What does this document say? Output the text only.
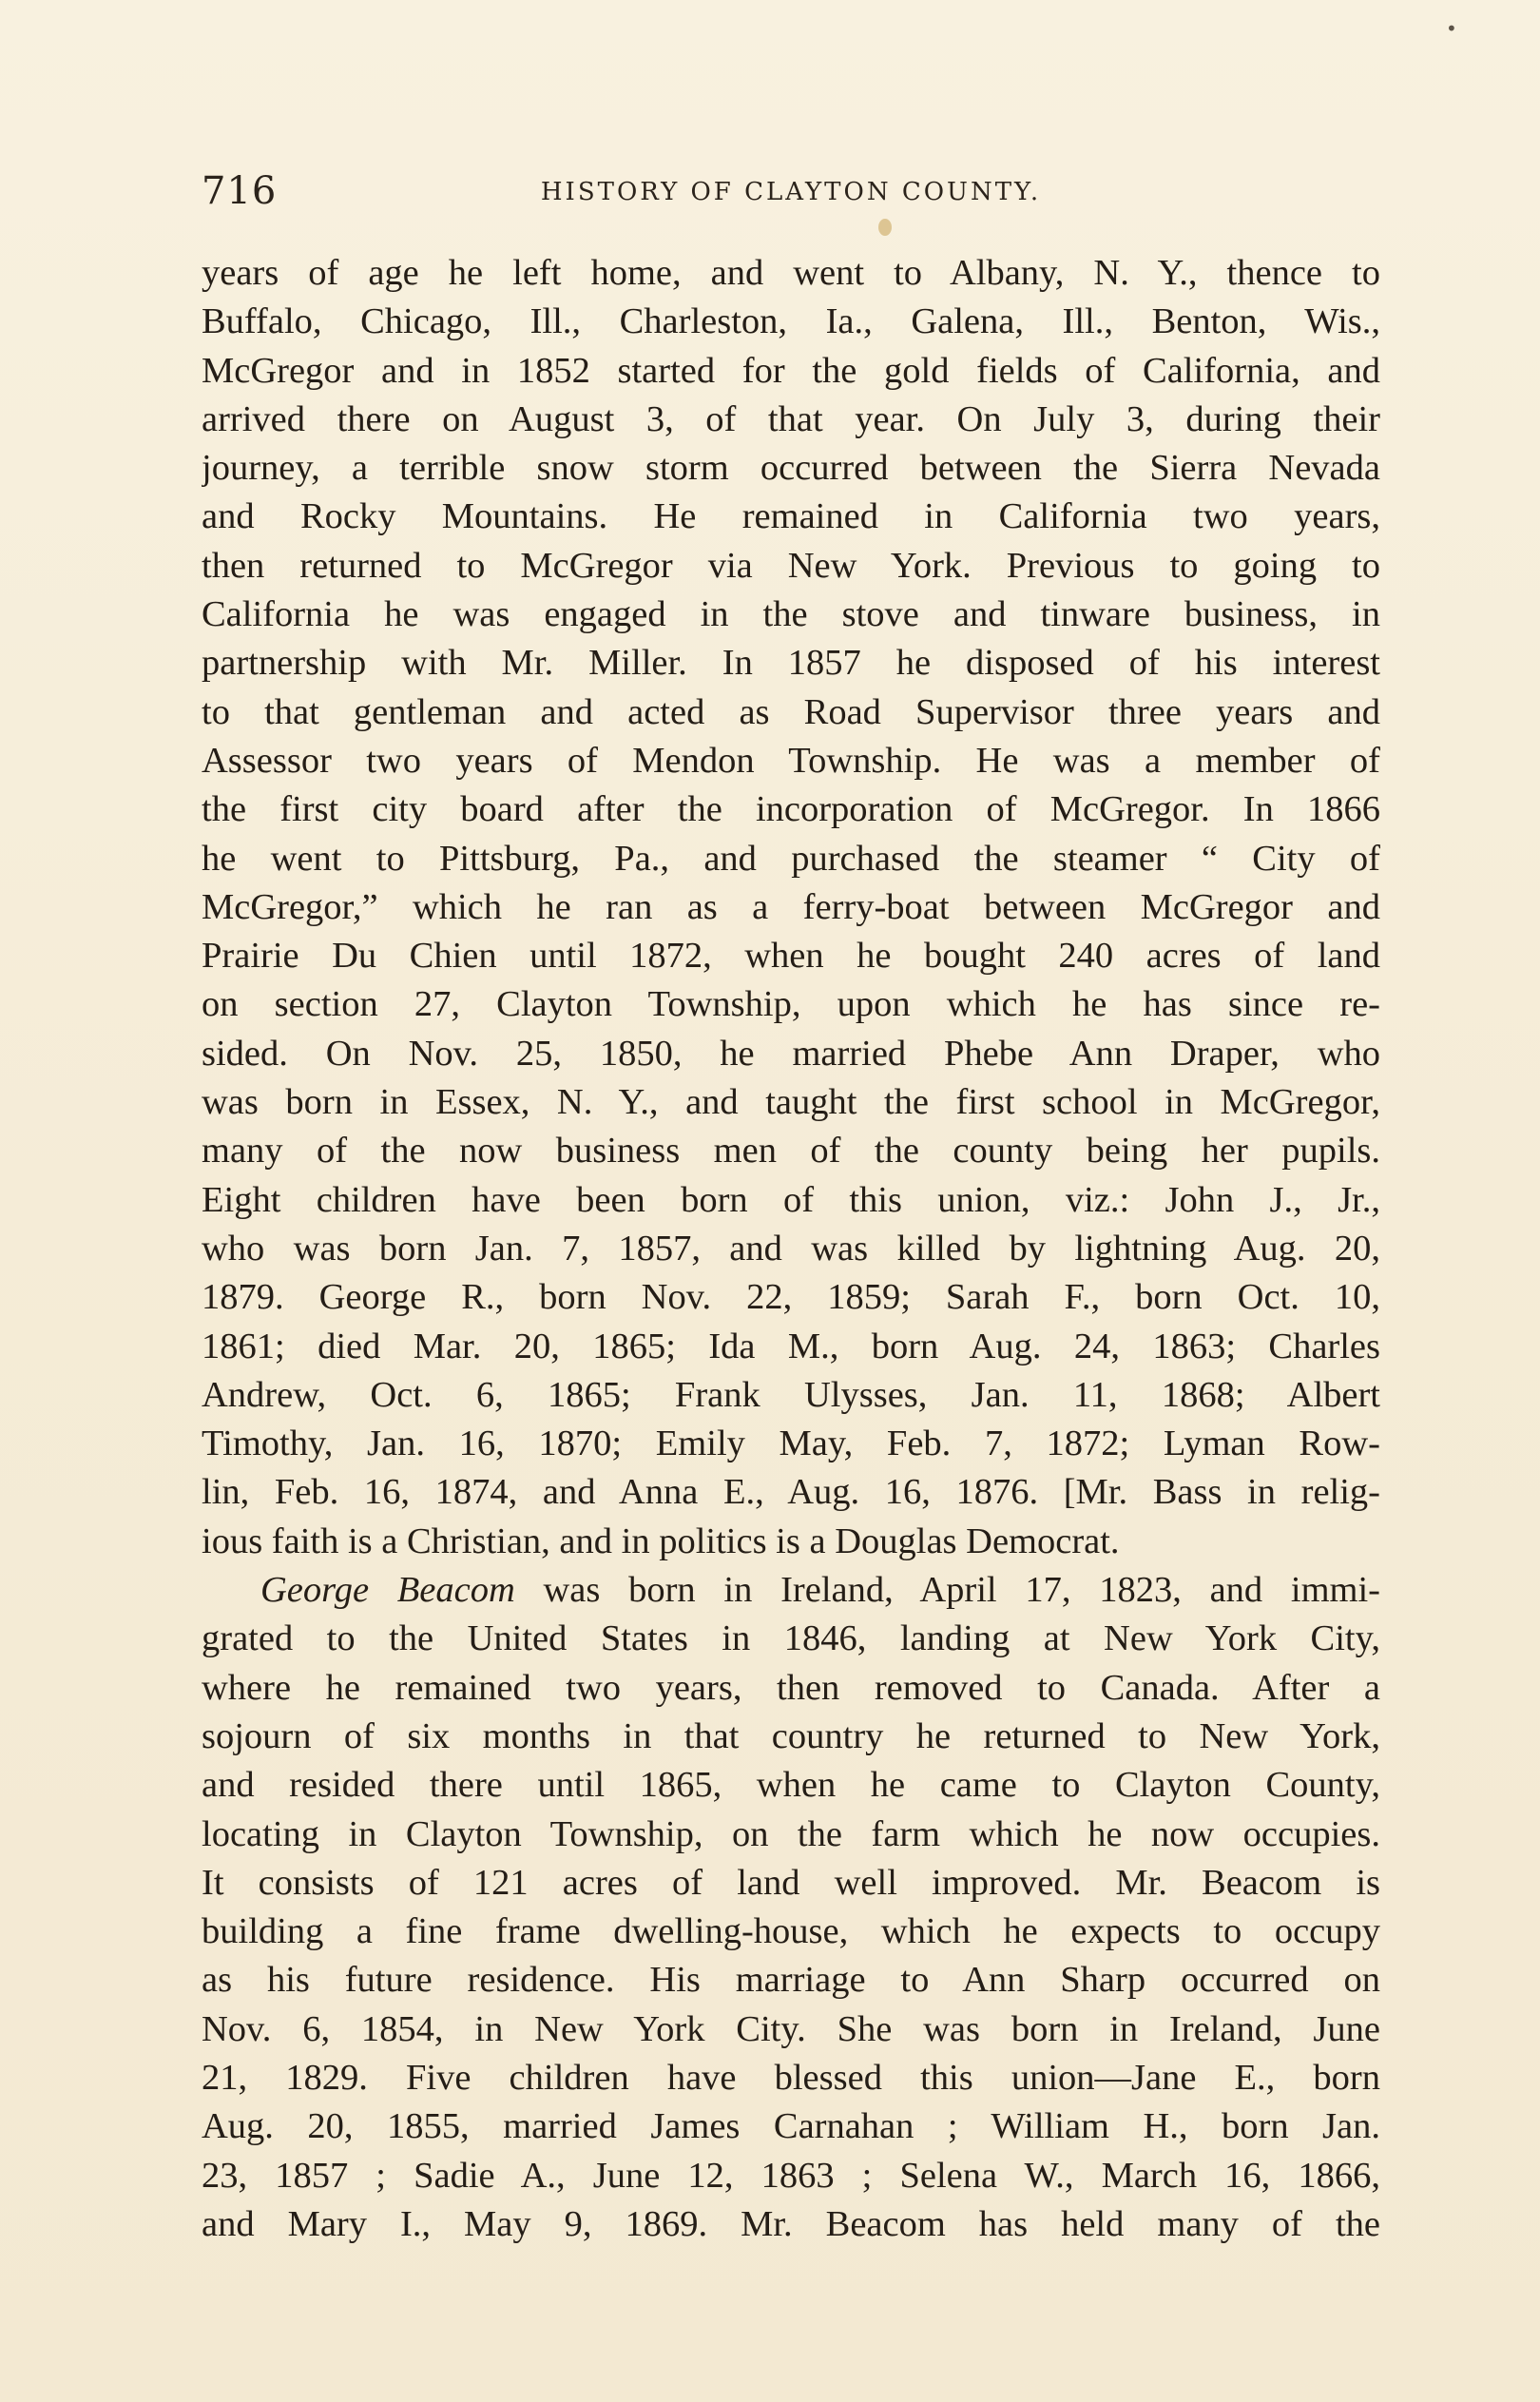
•
716	HISTORY OF CLAYTON COUNTY.
years of age he left home, and went to Albany, N. Y., thence to
Buffalo, Chicago, Ill., Charleston, Ia., Galena, Ill., Benton, Wis.,
McGregor and in 1852 started for the gold fields of California, and
arrived there on August 3, of that year. On July 3, during their
journey, a terrible snow storm occurred between the Sierra Nevada
and Rocky Mountains. He remained in California two years,
then returned to McGregor via New York. Previous to going to
California he was engaged in the stove and tinware business, in
partnership with Mr. Miller. In 1857 he disposed of his interest
to that gentleman and acted as Road Supervisor three years and
Assessor two years of Mendon Township. He was a member of
the first city board after the incorporation of McGregor. In 1866
he went to Pittsburg, Pa., and purchased the steamer “ City of
McGregor,” which he ran as a ferry-boat between McGregor and
Prairie Du Chien until 1872, when he bought 240 acres of land
on section 27, Clayton Township, upon which he has since re-
sided. On Nov. 25, 1850, he married Phebe Ann Draper, who
was born in Essex, N. Y., and taught the first school in McGregor,
many of the now business men of the county being her pupils.
Eight children have been born of this union, viz.: John J., Jr.,
who was born Jan. 7, 1857, and was killed by lightning Aug. 20,
1879. George R., born Nov. 22, 1859; Sarah F., born Oct. 10,
1861; died Mar. 20, 1865; Ida M., born Aug. 24, 1863; Charles
Andrew, Oct. 6, 1865; Frank Ulysses, Jan. 11, 1868; Albert
Timothy, Jan. 16, 1870; Emily May, Feb. 7, 1872; Lyman Row-
lin, Feb. 16, 1874, and Anna E., Aug. 16, 1876. [Mr. Bass in relig-
ious faith is a Christian, and in politics is a Douglas Democrat.
George Beacom was born in Ireland, April 17, 1823, and immi-
grated to the United States in 1846, landing at New York City,
where he remained two years, then removed to Canada. After a
sojourn of six months in that country he returned to New York,
and resided there until 1865, when he came to Clayton County,
locating in Clayton Township, on the farm which he now occupies.
It consists of 121 acres of land well improved. Mr. Beacom is
building a fine frame dwelling-house, which he expects to occupy
as his future residence. His marriage to Ann Sharp occurred on
Nov. 6, 1854, in New York City. She was born in Ireland, June
21, 1829. Five children have blessed this union—Jane E., born
Aug. 20, 1855, married James Carnahan ; William H., born Jan.
23, 1857 ; Sadie A., June 12, 1863 ; Selena W., March 16, 1866,
and Mary I., May 9, 1869. Mr. Beacom has held many of the
